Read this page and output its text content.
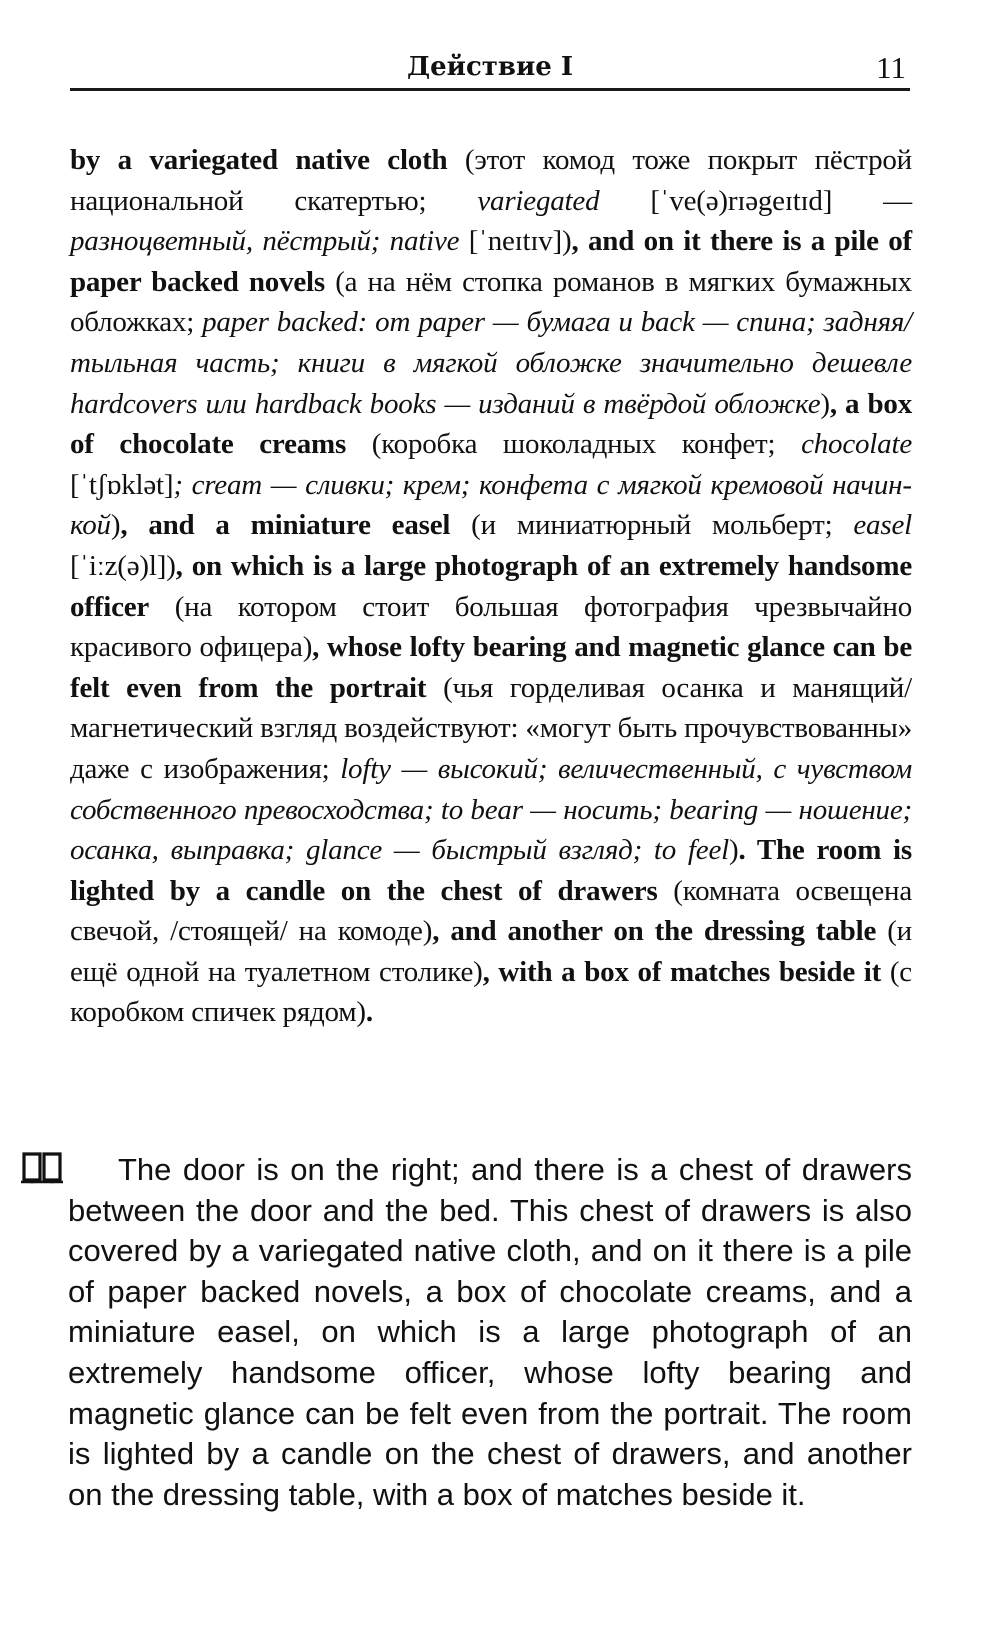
Действие I	11
by a variegated native cloth (этот комод тоже покрыт пёстрой национальной скатертью; variegated [ˈve(ə)rɪəgeɪtɪd] — разноцветный, пёстрый; native [ˈneɪtɪv]), and on it there is a pile of paper backed novels (а на нём стопка романов в мягких бумажных обложках; paper backed: от paper — бумага и back — спина; задняя/тыльная часть; книги в мягкой обложке значительно дешевле hardcovers или hardback books — изданий в твёрдой обложке), a box of chocolate creams (коробка шоколадных конфет; chocolate [ˈtʃɒklət]; cream — сливки; крем; конфета с мягкой кремовой начинкой), and a miniature easel (и миниатюрный мольберт; easel [ˈiːz(ə)l]), on which is a large photograph of an extremely handsome officer (на котором стоит большая фотография чрезвычайно красивого офицера), whose lofty bearing and magnetic glance can be felt even from the portrait (чья горделивая осанка и манящий/магнетический взгляд воздействуют: «могут быть прочувствованны» даже с изображения; lofty — высокий; величественный, с чувством собственного превосходства; to bear — носить; bearing — ношение; осанка, выправка; glance — быстрый взгляд; to feel). The room is lighted by a candle on the chest of drawers (комната освещена свечой, /стоящей/ на комоде), and another on the dressing table (и ещё одной на туалетном столике), with a box of matches beside it (с коробком спичек рядом).
The door is on the right; and there is a chest of drawers between the door and the bed. This chest of drawers is also covered by a variegated native cloth, and on it there is a pile of paper backed novels, a box of chocolate creams, and a miniature easel, on which is a large photograph of an extremely handsome officer, whose lofty bearing and magnetic glance can be felt even from the portrait. The room is lighted by a candle on the chest of drawers, and another on the dressing table, with a box of matches beside it.
